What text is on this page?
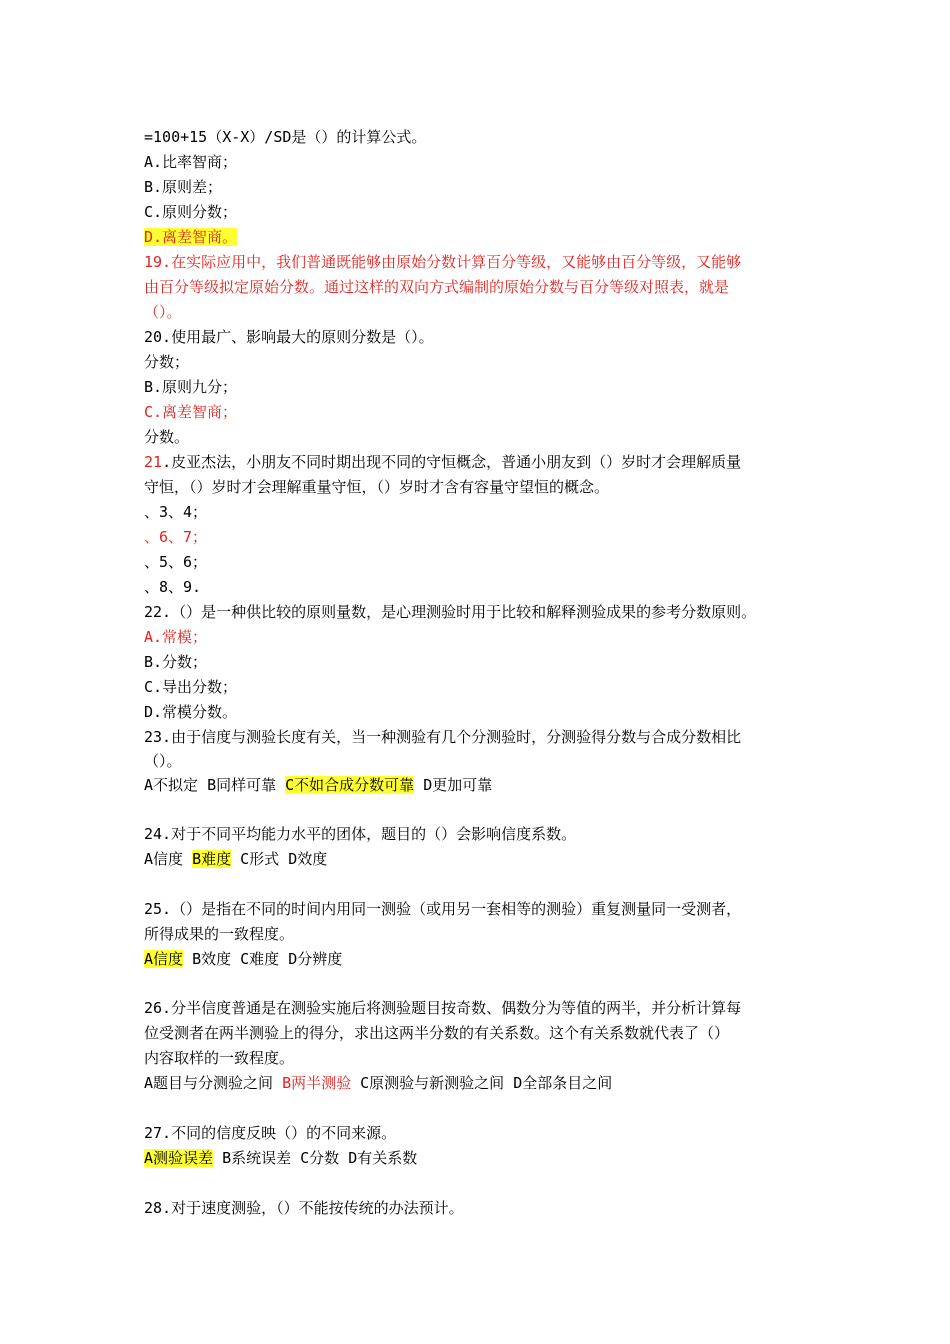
=100+15（X-X）/SD是（）的计算公式。

A.比率智商；

B.原则差；

C.原则分数；

D.离差智商。

19.在实际应用中，我们普通既能够由原始分数计算百分等级，又能够由百分等级，又能够

由百分等级拟定原始分数。通过这样的双向方式编制的原始分数与百分等级对照表，就是

（）。

20.使用最广、影响最大的原则分数是（）。

分数；

B.原则九分；

C.离差智商；

分数。

21.皮亚杰法，小朋友不同时期出现不同的守恒概念，普通小朋友到（）岁时才会理解质量

守恒，（）岁时才会理解重量守恒，（）岁时才含有容量守望恒的概念。

、3、4；

、6、7；

、5、6；

、8、9.

22.（）是一种供比较的原则量数，是心理测验时用于比较和解释测验成果的参考分数原则。

A.常模；

B.分数；

C.导出分数；

D.常模分数。

23.由于信度与测验长度有关，当一种测验有几个分测验时，分测验得分数与合成分数相比

（）。

A不拟定 B同样可靠 C不如合成分数可靠 D更加可靠

24.对于不同平均能力水平的团体，题目的（）会影响信度系数。

A信度 B难度 C形式 D效度

25.（）是指在不同的时间内用同一测验（或用另一套相等的测验）重复测量同一受测者，

所得成果的一致程度。

A信度 B效度 C难度 D分辨度

26.分半信度普通是在测验实施后将测验题目按奇数、偶数分为等值的两半，并分析计算每

位受测者在两半测验上的得分，求出这两半分数的有关系数。这个有关系数就代表了（）

内容取样的一致程度。

A题目与分测验之间 B两半测验 C原测验与新测验之间 D全部条目之间

27.不同的信度反映（）的不同来源。

A测验误差 B系统误差 C分数 D有关系数

28.对于速度测验，（）不能按传统的办法预计。
